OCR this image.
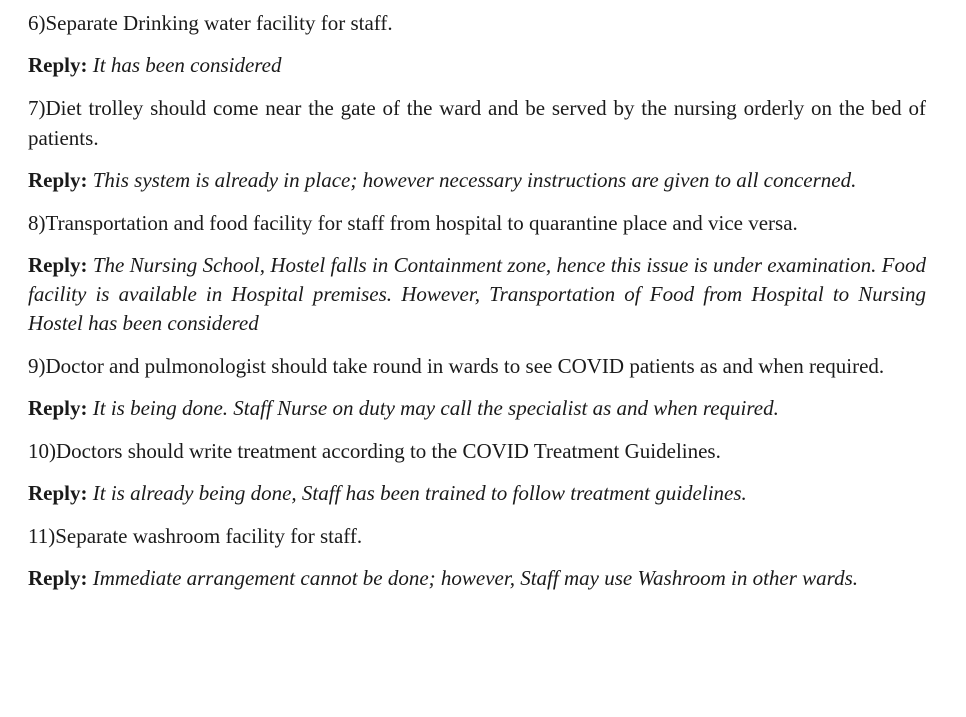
6)Separate Drinking water facility for staff.

Reply: It has been considered

7)Diet trolley should come near the gate of the ward and be served by the nursing orderly on the bed of patients.

Reply: This system is already in place; however necessary instructions are given to all concerned.

8)Transportation and food facility for staff from hospital to quarantine place and vice versa.

Reply: The Nursing School, Hostel falls in Containment zone, hence this issue is under examination. Food facility is available in Hospital premises. However, Transportation of Food from Hospital to Nursing Hostel has been considered

9)Doctor and pulmonologist should take round in wards to see COVID patients as and when required.

Reply: It is being done. Staff Nurse on duty may call the specialist as and when required.

10)Doctors should write treatment according to the COVID Treatment Guidelines.

Reply: It is already being done, Staff has been trained to follow treatment guidelines.

11)Separate washroom facility for staff.

Reply: Immediate arrangement cannot be done; however, Staff may use Washroom in other wards.
